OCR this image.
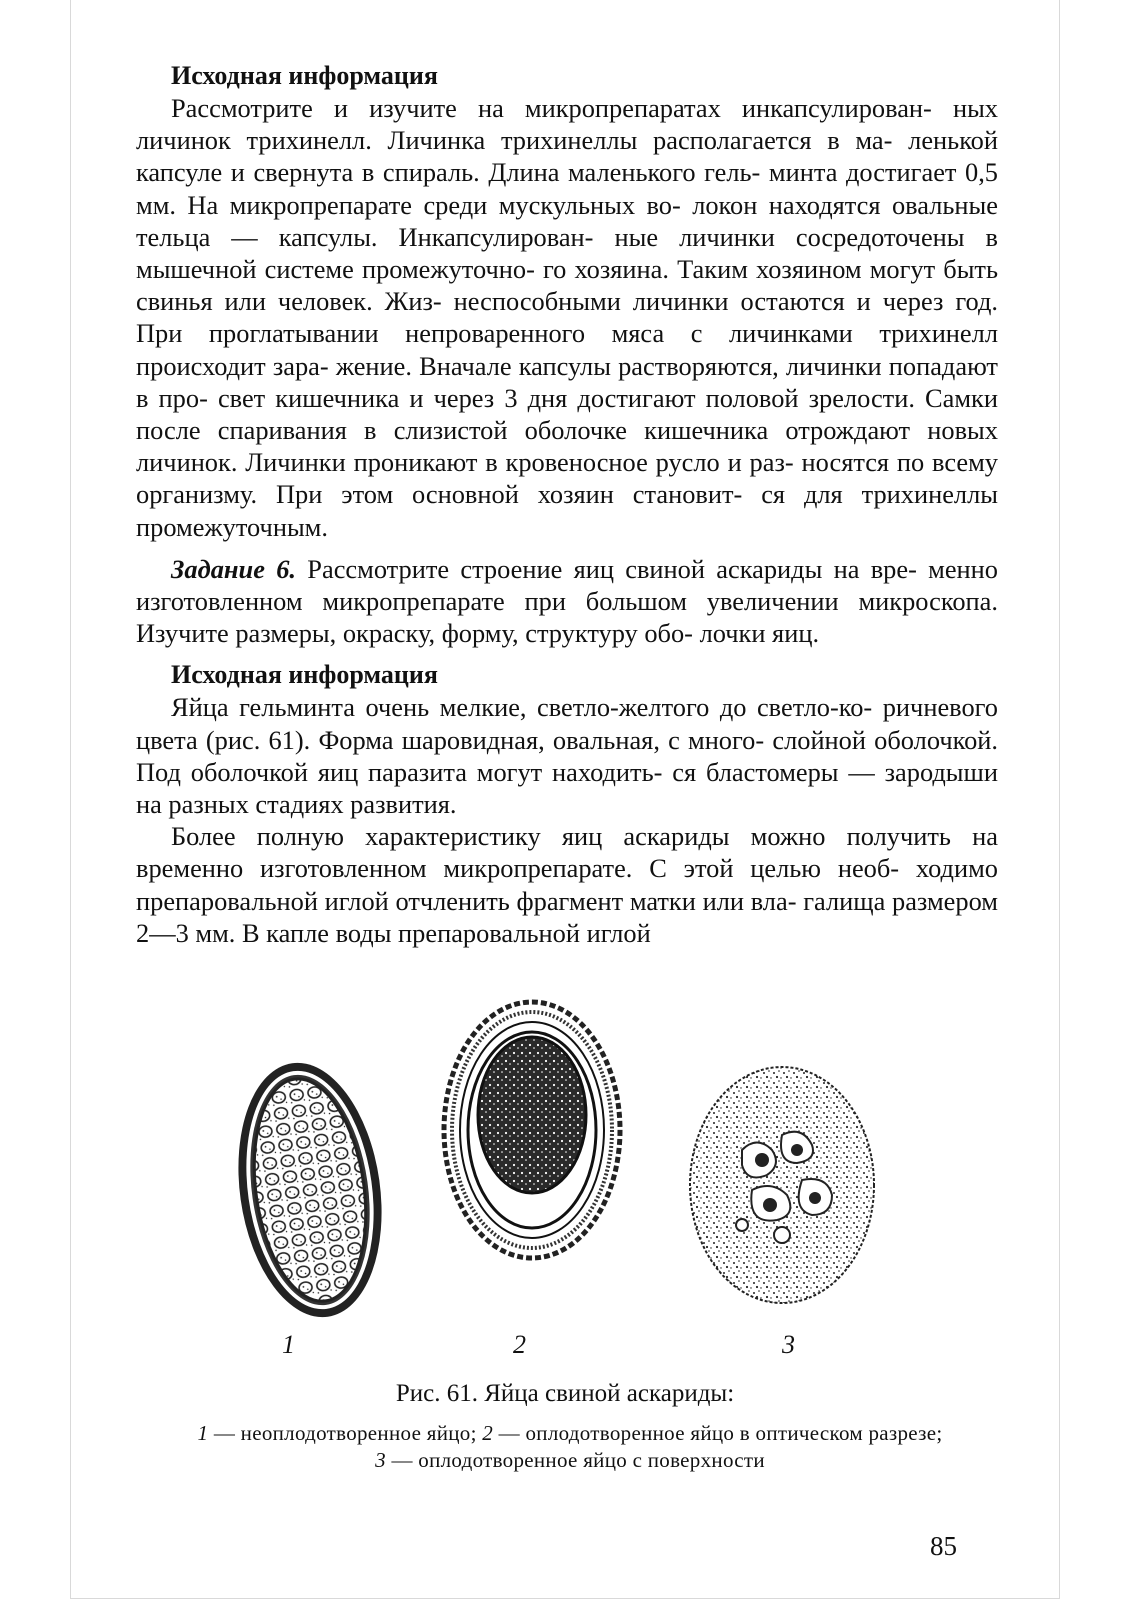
Исходная информация

Рассмотрите и изучите на микропрепаратах инкапсулирован- ных личинок трихинелл. Личинка трихинеллы располагается в ма- ленькой капсуле и свернута в спираль. Длина маленького гель- минта достигает 0,5 мм. На микропрепарате среди мускульных во- локон находятся овальные тельца — капсулы. Инкапсулирован- ные личинки сосредоточены в мышечной системе промежуточно- го хозяина. Таким хозяином могут быть свинья или человек. Жиз- неспособными личинки остаются и через год. При проглатывании непроваренного мяса с личинками трихинелл происходит зара- жение. Вначале капсулы растворяются, личинки попадают в про- свет кишечника и через 3 дня достигают половой зрелости. Самки после спаривания в слизистой оболочке кишечника отрождают новых личинок. Личинки проникают в кровеносное русло и раз- носятся по всему организму. При этом основной хозяин становит- ся для трихинеллы промежуточным.

Задание 6. Рассмотрите строение яиц свиной аскариды на вре- менно изготовленном микропрепарате при большом увеличении микроскопа. Изучите размеры, окраску, форму, структуру обо- лочки яиц.

Исходная информация

Яйца гельминта очень мелкие, светло-желтого до светло-ко- ричневого цвета (рис. 61). Форма шаровидная, овальная, с много- слойной оболочкой. Под оболочкой яиц паразита могут находить- ся бластомеры — зародыши на разных стадиях развития.

Более полную характеристику яиц аскариды можно получить на временно изготовленном микропрепарате. С этой целью необ- ходимо препаровальной иглой отчленить фрагмент матки или вла- галища размером 2—3 мм. В капле воды препаровальной иглой

1	2	3
Рис. 61. Яйца свиной аскариды:
1 — неоплодотворенное яйцо; 2 — оплодотворенное яйцо в оптическом разрезе;
3 — оплодотворенное яйцо с поверхности
85
